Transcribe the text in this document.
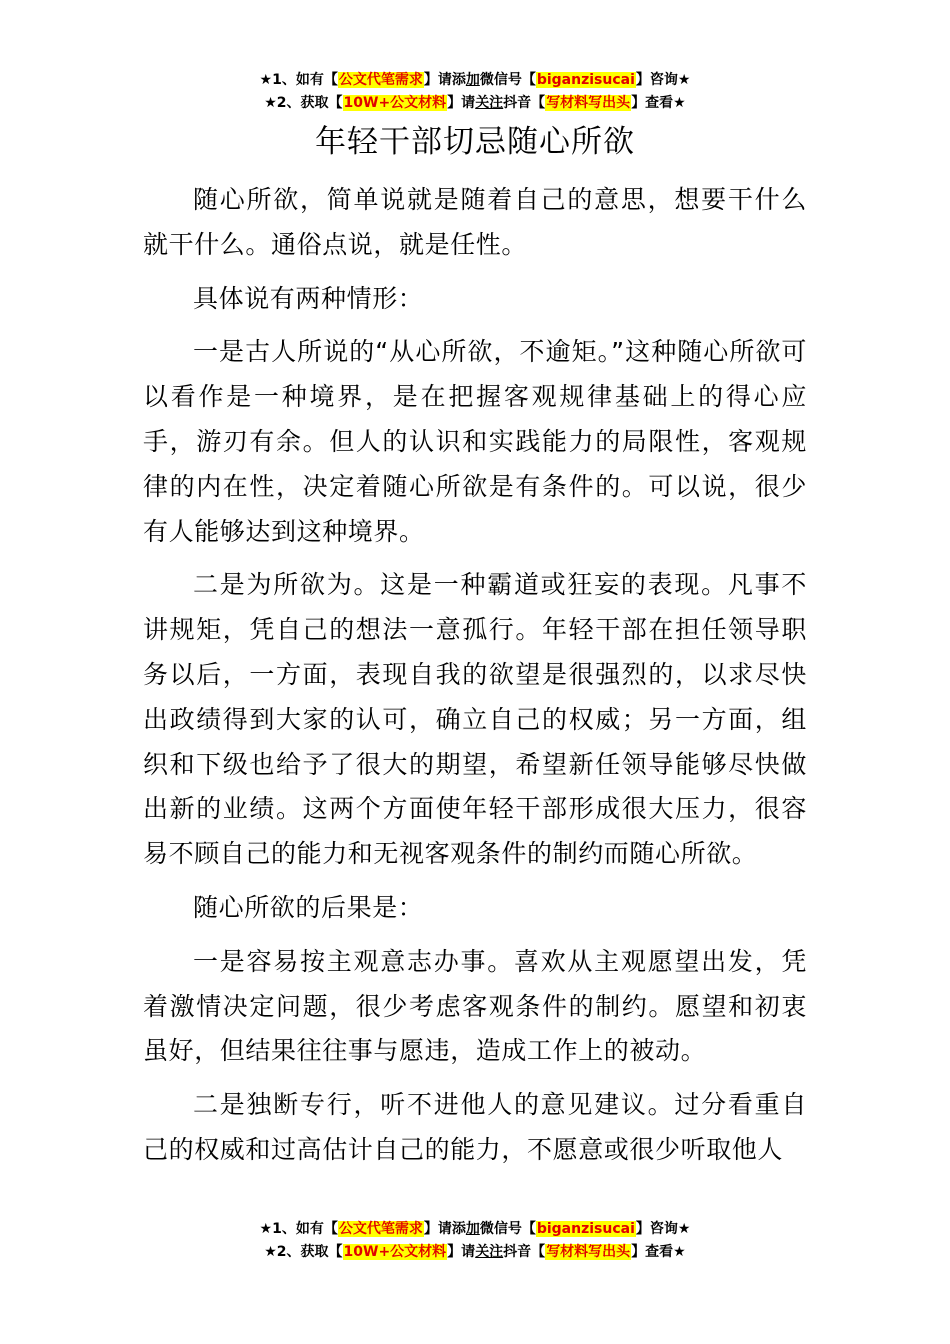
★1、如有【公文代笔需求】请添加微信号【biganzisucai】咨询★
★2、获取【10W+公文材料】请关注抖音【写材料写出头】查看★
年轻干部切忌随心所欲

随心所欲，简单说就是随着自己的意思，想要干什么就干什么。通俗点说，就是任性。

具体说有两种情形：

一是古人所说的“从心所欲，不逾矩。”这种随心所欲可以看作是一种境界，是在把握客观规律基础上的得心应手，游刃有余。但人的认识和实践能力的局限性，客观规律的内在性，决定着随心所欲是有条件的。可以说，很少有人能够达到这种境界。

二是为所欲为。这是一种霸道或狂妄的表现。凡事不讲规矩，凭自己的想法一意孤行。年轻干部在担任领导职务以后，一方面，表现自我的欲望是很强烈的，以求尽快出政绩得到大家的认可，确立自己的权威；另一方面，组织和下级也给予了很大的期望，希望新任领导能够尽快做出新的业绩。这两个方面使年轻干部形成很大压力，很容易不顾自己的能力和无视客观条件的制约而随心所欲。

随心所欲的后果是：

一是容易按主观意志办事。喜欢从主观愿望出发，凭着激情决定问题，很少考虑客观条件的制约。愿望和初衷虽好，但结果往往事与愿违，造成工作上的被动。

二是独断专行，听不进他人的意见建议。过分看重自己的权威和过高估计自己的能力，不愿意或很少听取他人

★1、如有【公文代笔需求】请添加微信号【biganzisucai】咨询★
★2、获取【10W+公文材料】请关注抖音【写材料写出头】查看★
